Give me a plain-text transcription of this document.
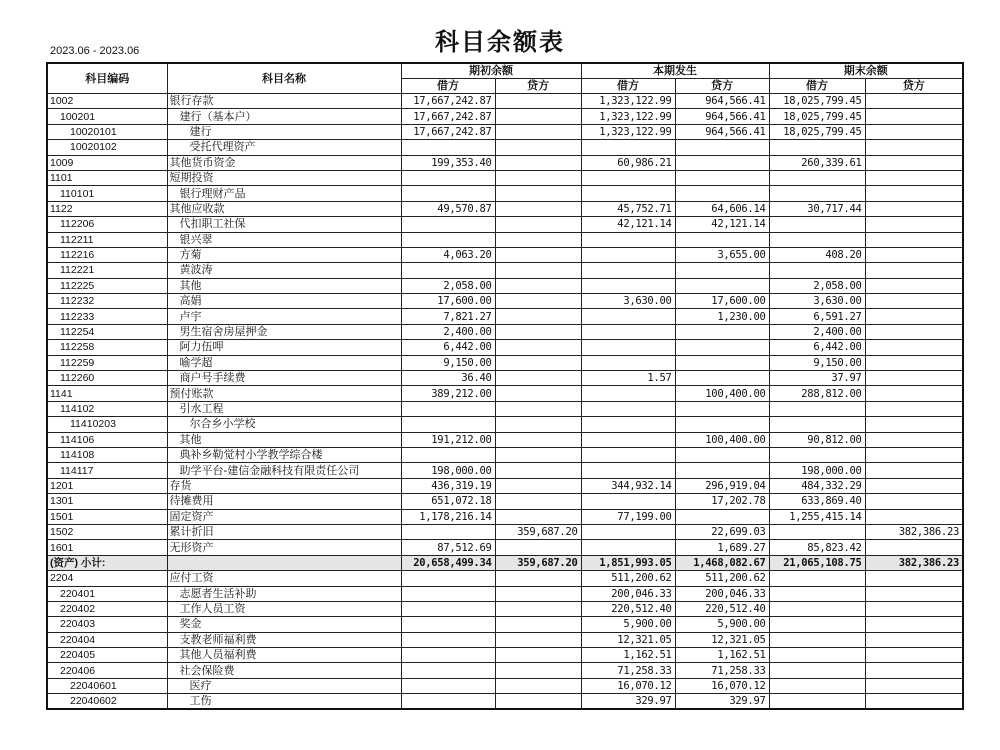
科目余额表
2023.06 - 2023.06
科目编码	科目名称	期初余额		本期发生		期末余额	
		借方	贷方	借方	贷方	借方	贷方
1002	银行存款	17,667,242.87		1,323,122.99	964,566.41	18,025,799.45	
100201	建行（基本户）	17,667,242.87		1,323,122.99	964,566.41	18,025,799.45	
10020101	建行	17,667,242.87		1,323,122.99	964,566.41	18,025,799.45	
10020102	受托代理资产						
1009	其他货币资金	199,353.40		60,986.21		260,339.61	
1101	短期投资						
110101	银行理财产品						
1122	其他应收款	49,570.87		45,752.71	64,606.14	30,717.44	
112206	代扣职工社保			42,121.14	42,121.14		
112211	银兴翠						
112216	方菊	4,063.20			3,655.00	408.20	
112221	黄波涛						
112225	其他	2,058.00				2,058.00	
112232	高娟	17,600.00		3,630.00	17,600.00	3,630.00	
112233	卢宇	7,821.27			1,230.00	6,591.27	
112254	男生宿舍房屋押金	2,400.00				2,400.00	
112258	阿力伍呷	6,442.00				6,442.00	
112259	喻学超	9,150.00				9,150.00	
112260	商户号手续费	36.40		1.57		37.97	
1141	预付账款	389,212.00			100,400.00	288,812.00	
114102	引水工程						
11410203	尔合乡小学校						
114106	其他	191,212.00			100,400.00	90,812.00	
114108	典补乡勒觉村小学教学综合楼						
114117	助学平台-建信金融科技有限责任公司	198,000.00				198,000.00	
1201	存货	436,319.19		344,932.14	296,919.04	484,332.29	
1301	待摊费用	651,072.18			17,202.78	633,869.40	
1501	固定资产	1,178,216.14		77,199.00		1,255,415.14	
1502	累计折旧		359,687.20		22,699.03		382,386.23
1601	无形资产	87,512.69			1,689.27	85,823.42	
(资产) 小计:		20,658,499.34	359,687.20	1,851,993.05	1,468,082.67	21,065,108.75	382,386.23
2204	应付工资			511,200.62	511,200.62		
220401	志愿者生活补助			200,046.33	200,046.33		
220402	工作人员工资			220,512.40	220,512.40		
220403	奖金			5,900.00	5,900.00		
220404	支教老师福利费			12,321.05	12,321.05		
220405	其他人员福利费			1,162.51	1,162.51		
220406	社会保险费			71,258.33	71,258.33		
22040601	医疗			16,070.12	16,070.12		
22040602	工伤			329.97	329.97		
